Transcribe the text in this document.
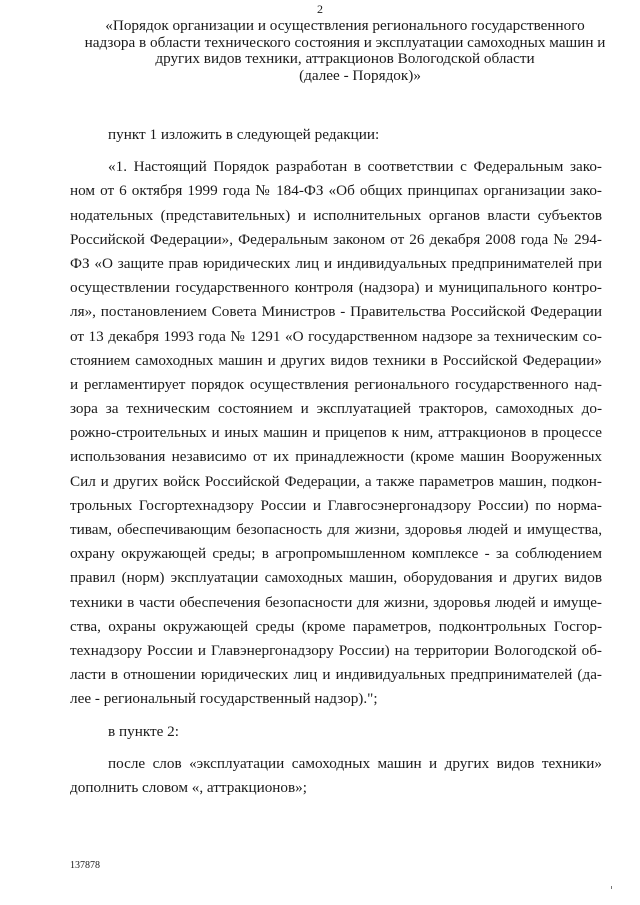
2
«Порядок организации и осуществления регионального государственного
надзора в области технического состояния и эксплуатации самоходных машин и
других видов техники, аттракционов Вологодской области
(далее - Порядок)»
пункт 1 изложить в следующей редакции:
«1. Настоящий Порядок разработан в соответствии с Федеральным зако-
ном от 6 октября 1999 года № 184-ФЗ «Об общих принципах организации зако-
нодательных (представительных) и исполнительных органов власти субъектов
Российской Федерации», Федеральным законом от 26 декабря 2008 года № 294-
ФЗ «О защите прав юридических лиц и индивидуальных предпринимателей при
осуществлении государственного контроля (надзора) и муниципального контро-
ля», постановлением Совета Министров - Правительства Российской Федерации
от 13 декабря 1993 года № 1291 «О государственном надзоре за техническим со-
стоянием самоходных машин и других видов техники в Российской Федерации»
и регламентирует порядок осуществления регионального государственного над-
зора за техническим состоянием и эксплуатацией тракторов, самоходных до-
рожно-строительных и иных машин и прицепов к ним, аттракционов в процессе
использования независимо от их принадлежности (кроме машин Вооруженных
Сил и других войск Российской Федерации, а также параметров машин, подкон-
трольных Госгортехнадзору России и Главгосэнергонадзору России) по норма-
тивам, обеспечивающим безопасность для жизни, здоровья людей и имущества,
охрану окружающей среды; в агропромышленном комплексе - за соблюдением
правил (норм) эксплуатации самоходных машин, оборудования и других видов
техники в части обеспечения безопасности для жизни, здоровья людей и имуще-
ства, охраны окружающей среды (кроме параметров, подконтрольных Госгор-
технадзору России и Главэнергонадзору России) на территории Вологодской об-
ласти в отношении юридических лиц и индивидуальных предпринимателей (да-
лее - региональный государственный надзор).";
в пункте 2:
после слов «эксплуатации самоходных машин и других видов техники»
дополнить словом «, аттракционов»;
137878
